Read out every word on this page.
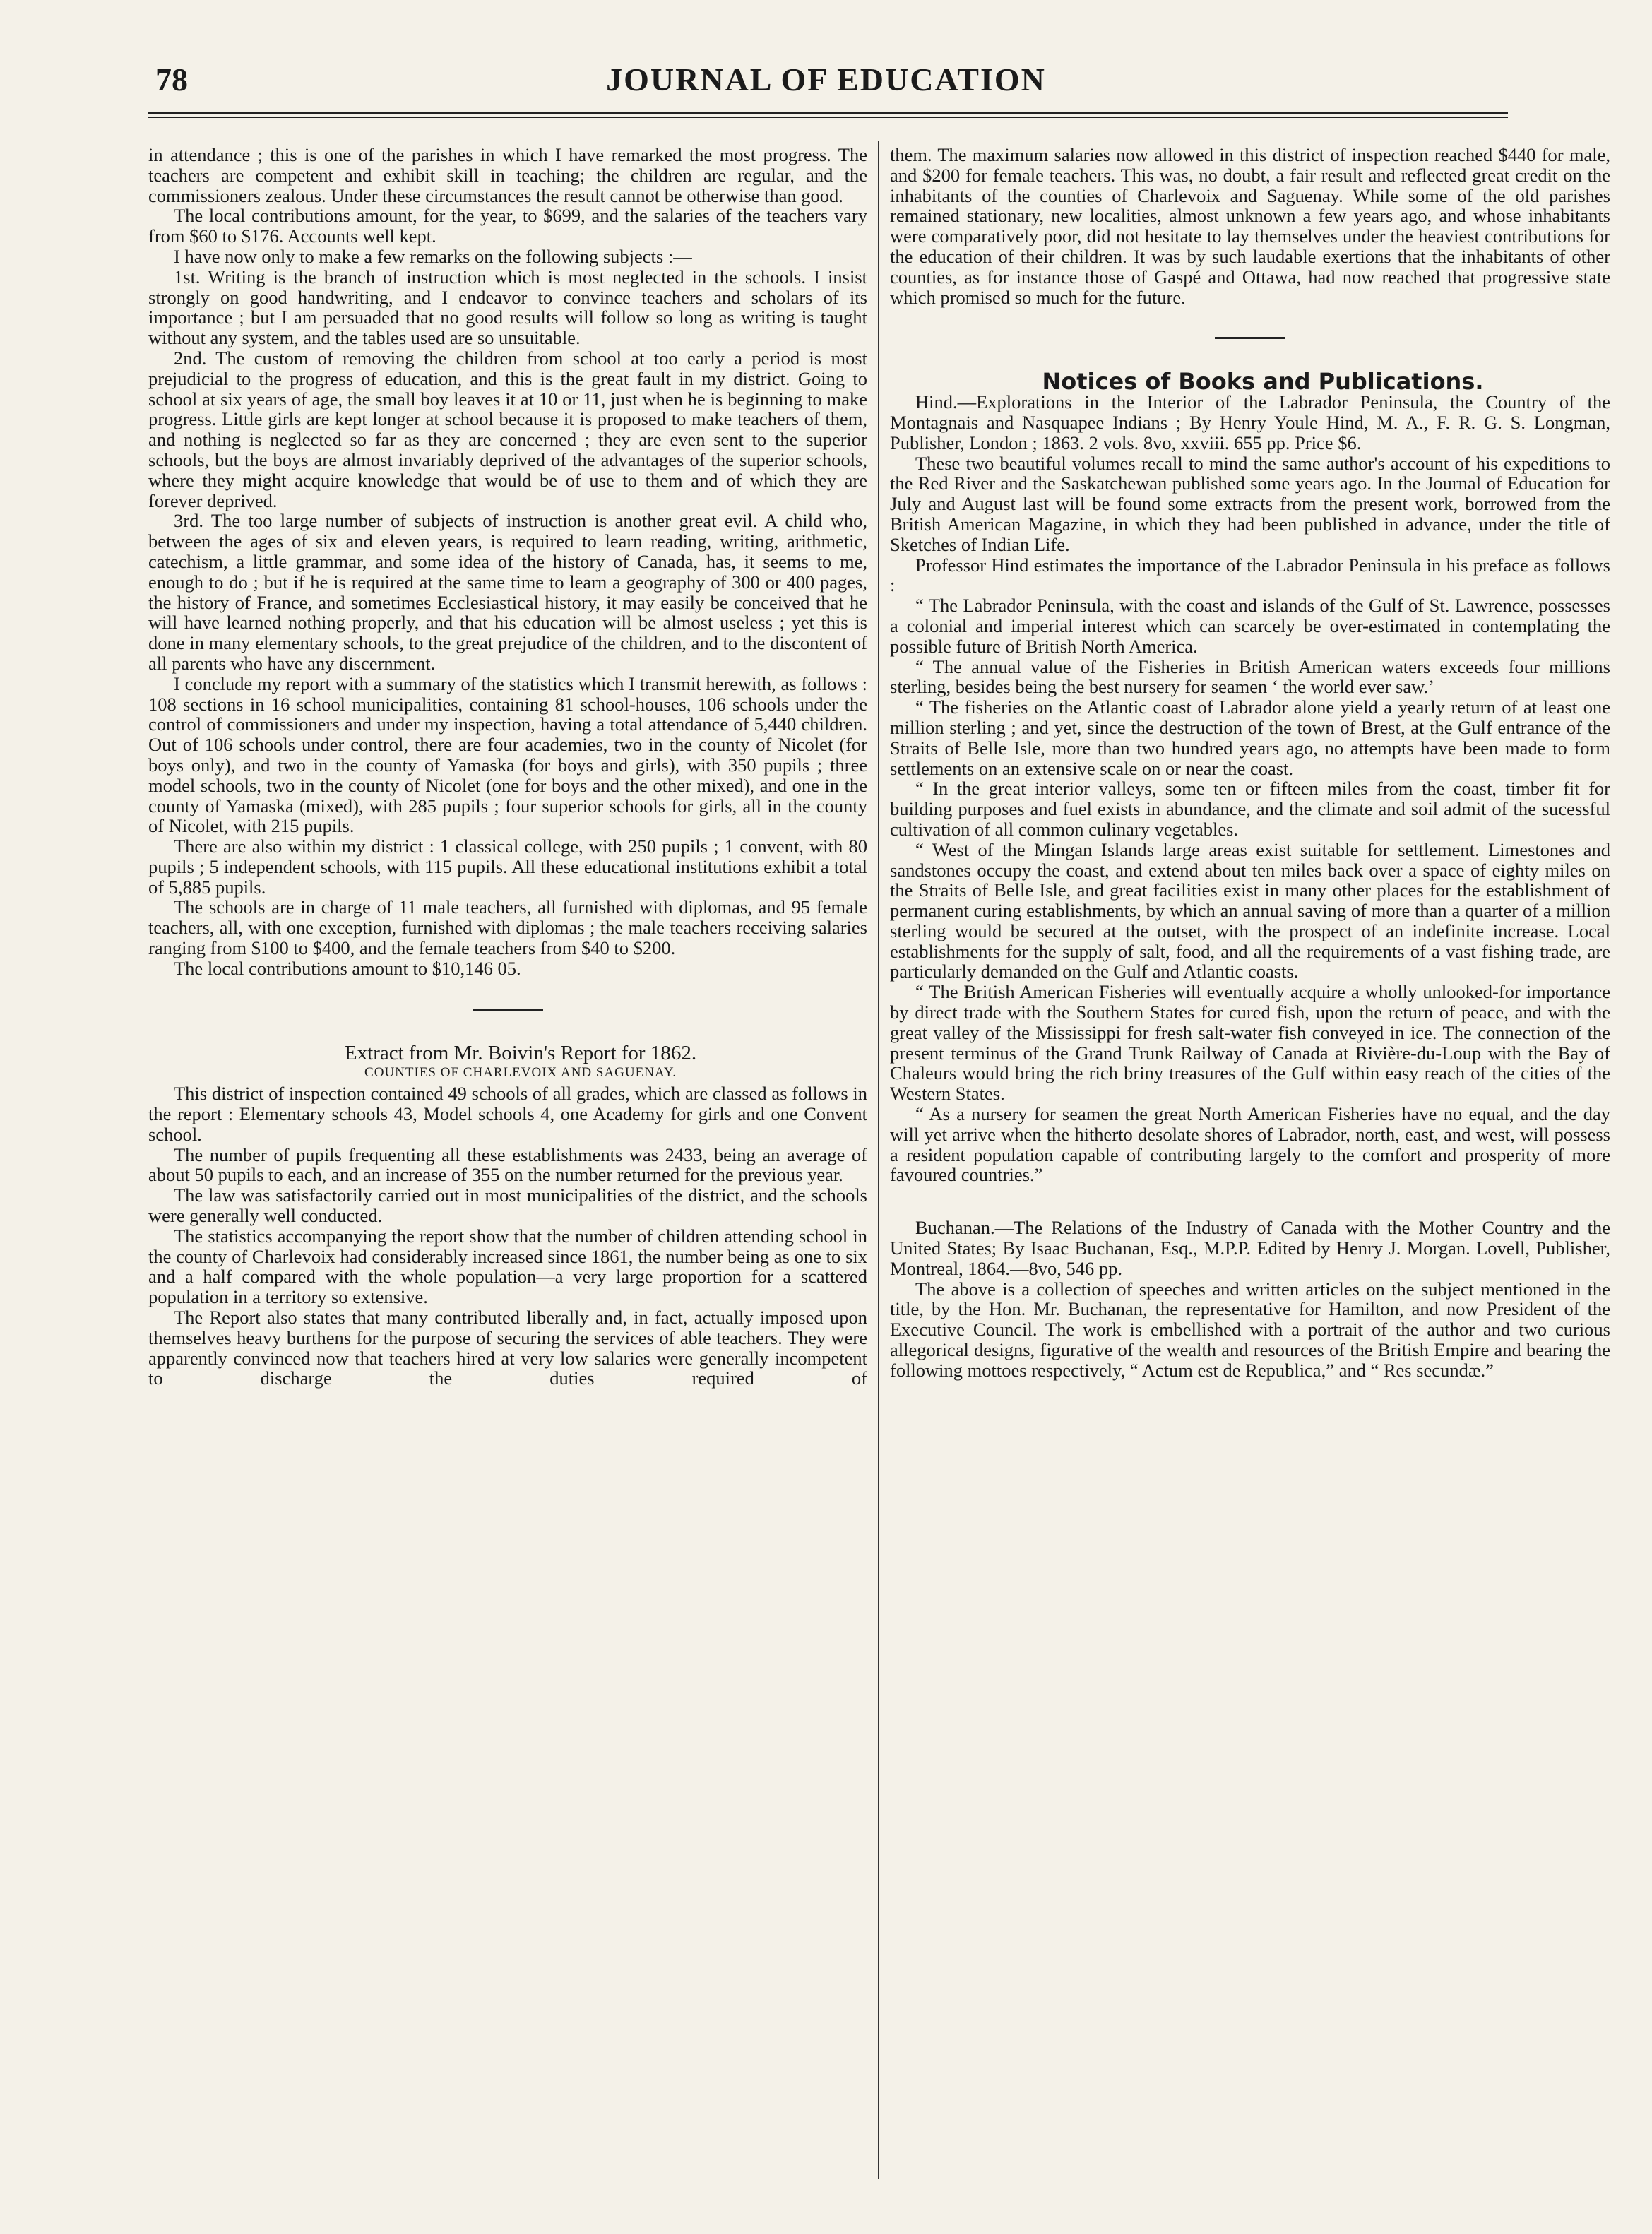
78	JOURNAL OF EDUCATION

in attendance ; this is one of the parishes in which I have remarked the most progress. The teachers are competent and exhibit skill in teaching; the children are regular, and the commissioners zealous. Under these circumstances the result cannot be otherwise than good.

The local contributions amount, for the year, to $699, and the salaries of the teachers vary from $60 to $176. Accounts well kept.

I have now only to make a few remarks on the following subjects :—

1st. Writing is the branch of instruction which is most neglected in the schools. I insist strongly on good handwriting, and I endeavor to convince teachers and scholars of its importance ; but I am persuaded that no good results will follow so long as writing is taught without any system, and the tables used are so unsuitable.

2nd. The custom of removing the children from school at too early a period is most prejudicial to the progress of education, and this is the great fault in my district. Going to school at six years of age, the small boy leaves it at 10 or 11, just when he is beginning to make progress. Little girls are kept longer at school because it is proposed to make teachers of them, and nothing is neglected so far as they are concerned ; they are even sent to the superior schools, but the boys are almost invariably deprived of the advantages of the superior schools, where they might acquire knowledge that would be of use to them and of which they are forever deprived.

3rd. The too large number of subjects of instruction is another great evil. A child who, between the ages of six and eleven years, is required to learn reading, writing, arithmetic, catechism, a little grammar, and some idea of the history of Canada, has, it seems to me, enough to do ; but if he is required at the same time to learn a geography of 300 or 400 pages, the history of France, and sometimes Ecclesiastical history, it may easily be conceived that he will have learned nothing properly, and that his education will be almost useless ; yet this is done in many elementary schools, to the great prejudice of the children, and to the discontent of all parents who have any discernment.

I conclude my report with a summary of the statistics which I transmit herewith, as follows : 108 sections in 16 school municipalities, containing 81 school-houses, 106 schools under the control of commissioners and under my inspection, having a total attendance of 5,440 children. Out of 106 schools under control, there are four academies, two in the county of Nicolet (for boys only), and two in the county of Yamaska (for boys and girls), with 350 pupils ; three model schools, two in the county of Nicolet (one for boys and the other mixed), and one in the county of Yamaska (mixed), with 285 pupils ; four superior schools for girls, all in the county of Nicolet, with 215 pupils.

There are also within my district : 1 classical college, with 250 pupils ; 1 convent, with 80 pupils ; 5 independent schools, with 115 pupils. All these educational institutions exhibit a total of 5,885 pupils.

The schools are in charge of 11 male teachers, all furnished with diplomas, and 95 female teachers, all, with one exception, furnished with diplomas ; the male teachers receiving salaries ranging from $100 to $400, and the female teachers from $40 to $200.

The local contributions amount to $10,146 05.

Extract from Mr. Boivin's Report for 1862.

COUNTIES OF CHARLEVOIX AND SAGUENAY.

This district of inspection contained 49 schools of all grades, which are classed as follows in the report : Elementary schools 43, Model schools 4, one Academy for girls and one Convent school.

The number of pupils frequenting all these establishments was 2433, being an average of about 50 pupils to each, and an increase of 355 on the number returned for the previous year.

The law was satisfactorily carried out in most municipalities of the district, and the schools were generally well conducted.

The statistics accompanying the report show that the number of children attending school in the county of Charlevoix had considerably increased since 1861, the number being as one to six and a half compared with the whole population—a very large proportion for a scattered population in a territory so extensive.

The Report also states that many contributed liberally and, in fact, actually imposed upon themselves heavy burthens for the purpose of securing the services of able teachers. They were apparently convinced now that teachers hired at very low salaries were generally incompetent to discharge the duties required of

them. The maximum salaries now allowed in this district of inspection reached $440 for male, and $200 for female teachers. This was, no doubt, a fair result and reflected great credit on the inhabitants of the counties of Charlevoix and Saguenay. While some of the old parishes remained stationary, new localities, almost unknown a few years ago, and whose inhabitants were comparatively poor, did not hesitate to lay themselves under the heaviest contributions for the education of their children. It was by such laudable exertions that the inhabitants of other counties, as for instance those of Gaspé and Ottawa, had now reached that progressive state which promised so much for the future.

Notices of Books and Publications.

Hind.—Explorations in the Interior of the Labrador Peninsula, the Country of the Montagnais and Nasquapee Indians ; By Henry Youle Hind, M. A., F. R. G. S. Longman, Publisher, London ; 1863. 2 vols. 8vo, xxviii. 655 pp. Price $6.

These two beautiful volumes recall to mind the same author's account of his expeditions to the Red River and the Saskatchewan published some years ago. In the Journal of Education for July and August last will be found some extracts from the present work, borrowed from the British American Magazine, in which they had been published in advance, under the title of Sketches of Indian Life.

Professor Hind estimates the importance of the Labrador Peninsula in his preface as follows :

“ The Labrador Peninsula, with the coast and islands of the Gulf of St. Lawrence, possesses a colonial and imperial interest which can scarcely be over-estimated in contemplating the possible future of British North America.

“ The annual value of the Fisheries in British American waters exceeds four millions sterling, besides being the best nursery for seamen ‘ the world ever saw.’

“ The fisheries on the Atlantic coast of Labrador alone yield a yearly return of at least one million sterling ; and yet, since the destruction of the town of Brest, at the Gulf entrance of the Straits of Belle Isle, more than two hundred years ago, no attempts have been made to form settlements on an extensive scale on or near the coast.

“ In the great interior valleys, some ten or fifteen miles from the coast, timber fit for building purposes and fuel exists in abundance, and the climate and soil admit of the sucessful cultivation of all common culinary vegetables.

“ West of the Mingan Islands large areas exist suitable for settlement. Limestones and sandstones occupy the coast, and extend about ten miles back over a space of eighty miles on the Straits of Belle Isle, and great facilities exist in many other places for the establishment of permanent curing establishments, by which an annual saving of more than a quarter of a million sterling would be secured at the outset, with the prospect of an indefinite increase. Local establishments for the supply of salt, food, and all the requirements of a vast fishing trade, are particularly demanded on the Gulf and Atlantic coasts.

“ The British American Fisheries will eventually acquire a wholly unlooked-for importance by direct trade with the Southern States for cured fish, upon the return of peace, and with the great valley of the Mississippi for fresh salt-water fish conveyed in ice. The connection of the present terminus of the Grand Trunk Railway of Canada at Rivière-du-Loup with the Bay of Chaleurs would bring the rich briny treasures of the Gulf within easy reach of the cities of the Western States.

“ As a nursery for seamen the great North American Fisheries have no equal, and the day will yet arrive when the hitherto desolate shores of Labrador, north, east, and west, will possess a resident population capable of contributing largely to the comfort and prosperity of more favoured countries.”

Buchanan.—The Relations of the Industry of Canada with the Mother Country and the United States; By Isaac Buchanan, Esq., M.P.P. Edited by Henry J. Morgan. Lovell, Publisher, Montreal, 1864.—8vo, 546 pp.

The above is a collection of speeches and written articles on the subject mentioned in the title, by the Hon. Mr. Buchanan, the representative for Hamilton, and now President of the Executive Council. The work is embellished with a portrait of the author and two curious allegorical designs, figurative of the wealth and resources of the British Empire and bearing the following mottoes respectively, “ Actum est de Republica,” and “ Res secundæ.”
